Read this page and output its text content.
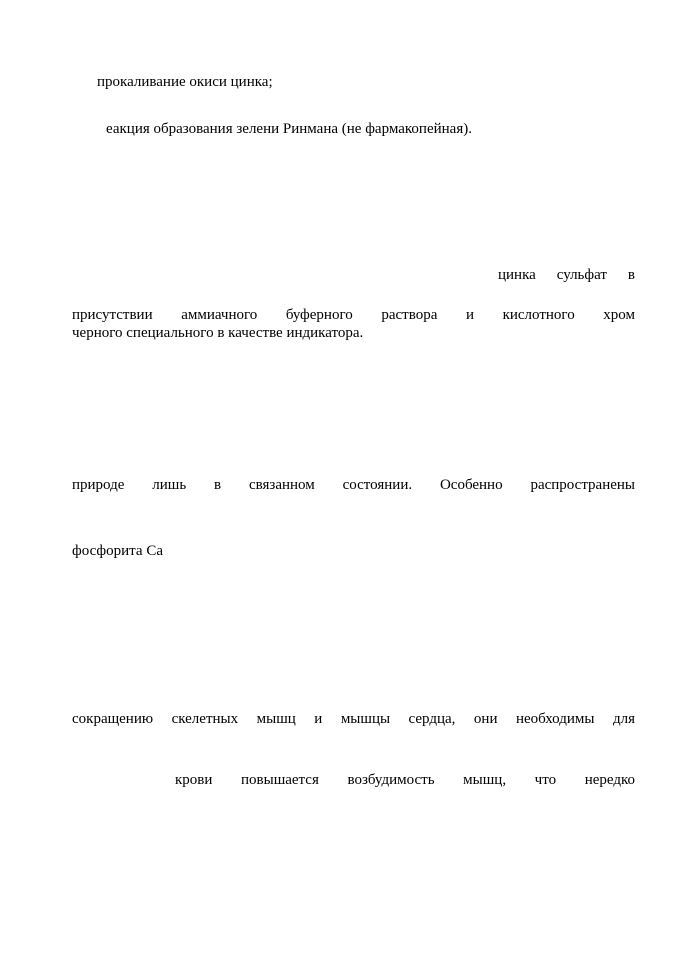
прокаливание окиси цинка;
еакция образования зелени Ринмана (не фармакопейная).
цинка сульфат в
присутствии аммиачного буферного раствора и кислотного хром
черного специального в качестве индикатора.
природе лишь в связанном состоянии. Особенно распространены
фосфорита Са
сокращению скелетных мышц и мышцы сердца, они необходимы для
крови повышается возбудимость мышц, что нередко
